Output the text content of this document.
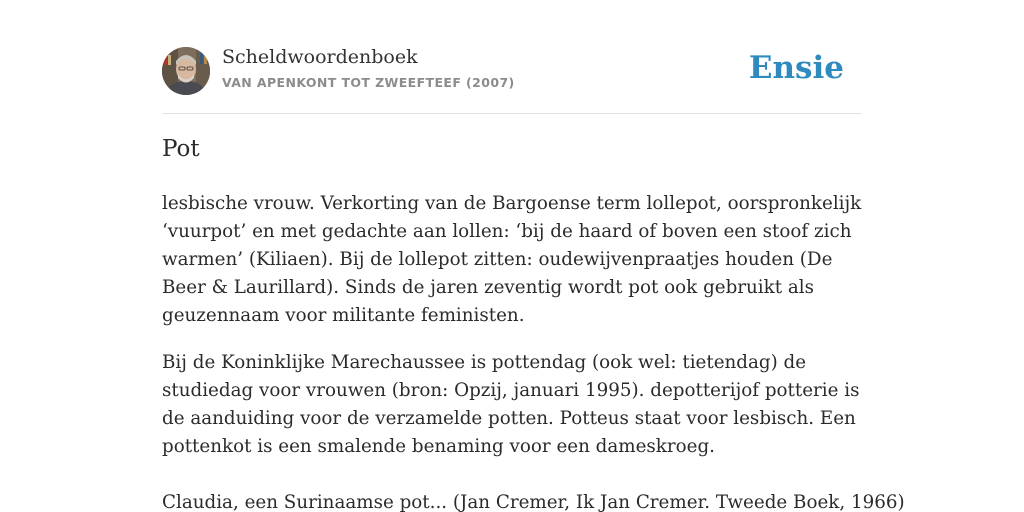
Scheldwoordenboek
VAN APENKONT TOT ZWEEFTEEF (2007)	Ensie
Pot

lesbische vrouw. Verkorting van de Bargoense term lollepot, oorspronkelijk ‘vuurpot’ en met gedachte aan lollen: ‘bij de haard of boven een stoof zich warmen’ (Kiliaen). Bij de lollepot zitten: oudewijvenpraatjes houden (De Beer & Laurillard). Sinds de jaren zeventig wordt pot ook gebruikt als geuzennaam voor militante feministen.

Bij de Koninklijke Marechaussee is pottendag (ook wel: tietendag) de studiedag voor vrouwen (bron: Opzij, januari 1995). depotterijof potterie is de aanduiding voor de verzamelde potten. Potteus staat voor lesbisch. Een pottenkot is een smalende benaming voor een dameskroeg.

Claudia, een Surinaamse pot... (Jan Cremer, Ik Jan Cremer. Tweede Boek, 1966)
